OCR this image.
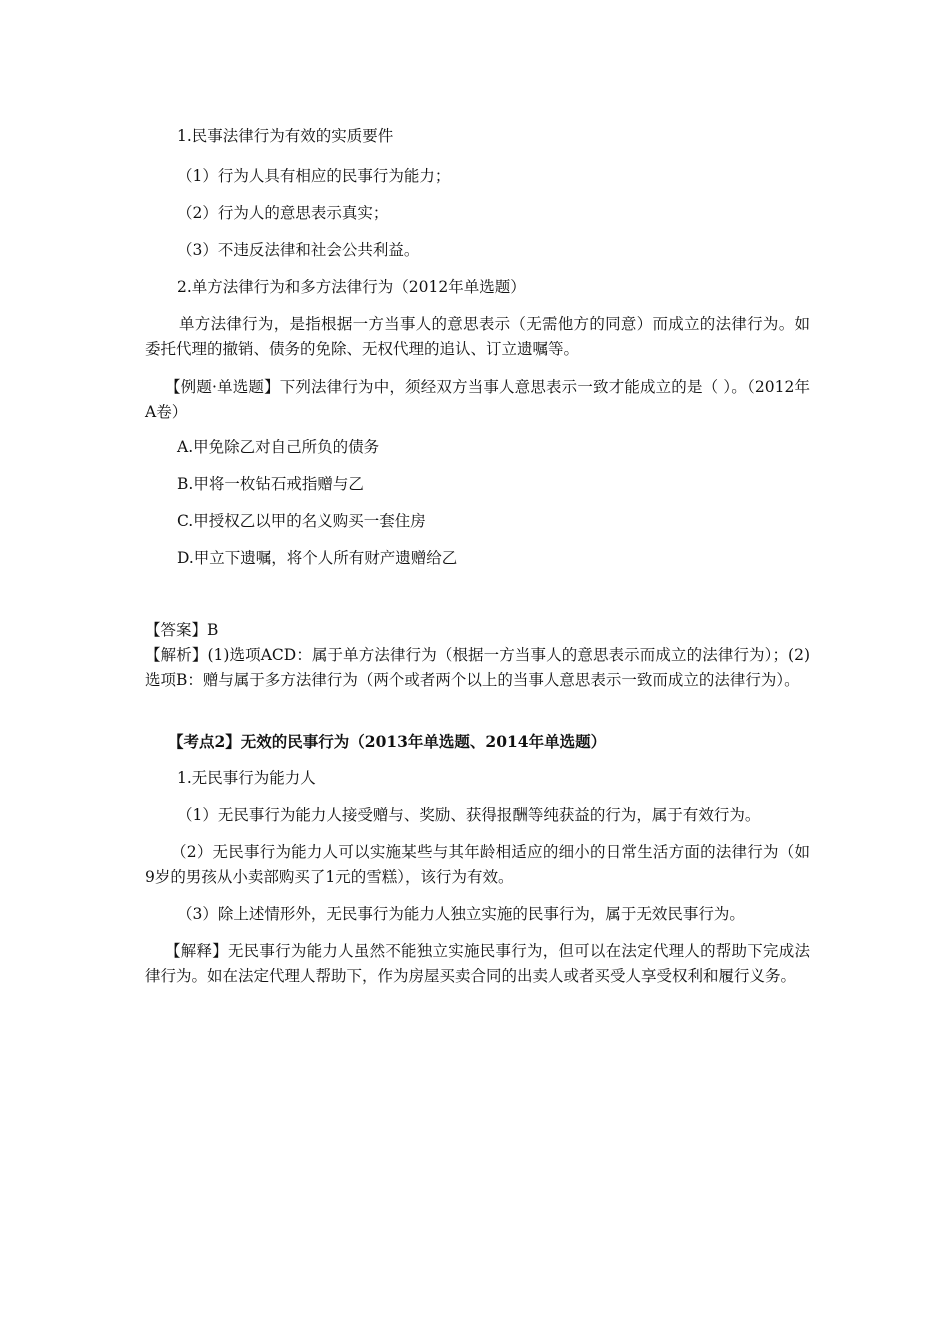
1.民事法律行为有效的实质要件
（1）行为人具有相应的民事行为能力；
（2）行为人的意思表示真实；
（3）不违反法律和社会公共利益。
2.单方法律行为和多方法律行为（2012年单选题）
单方法律行为，是指根据一方当事人的意思表示（无需他方的同意）而成立的法律行为。如委托代理的撤销、债务的免除、无权代理的追认、订立遗嘱等。
【例题·单选题】下列法律行为中，须经双方当事人意思表示一致才能成立的是（ ）。（2012年A卷）
A.甲免除乙对自己所负的债务
B.甲将一枚钻石戒指赠与乙
C.甲授权乙以甲的名义购买一套住房
D.甲立下遗嘱，将个人所有财产遗赠给乙
【答案】B
【解析】(1)选项ACD：属于单方法律行为（根据一方当事人的意思表示而成立的法律行为）；(2)选项B：赠与属于多方法律行为（两个或者两个以上的当事人意思表示一致而成立的法律行为）。
【考点2】无效的民事行为（2013年单选题、2014年单选题）
1.无民事行为能力人
（1）无民事行为能力人接受赠与、奖励、获得报酬等纯获益的行为，属于有效行为。
（2）无民事行为能力人可以实施某些与其年龄相适应的细小的日常生活方面的法律行为（如9岁的男孩从小卖部购买了1元的雪糕），该行为有效。
（3）除上述情形外，无民事行为能力人独立实施的民事行为，属于无效民事行为。
【解释】无民事行为能力人虽然不能独立实施民事行为，但可以在法定代理人的帮助下完成法律行为。如在法定代理人帮助下，作为房屋买卖合同的出卖人或者买受人享受权利和履行义务。
